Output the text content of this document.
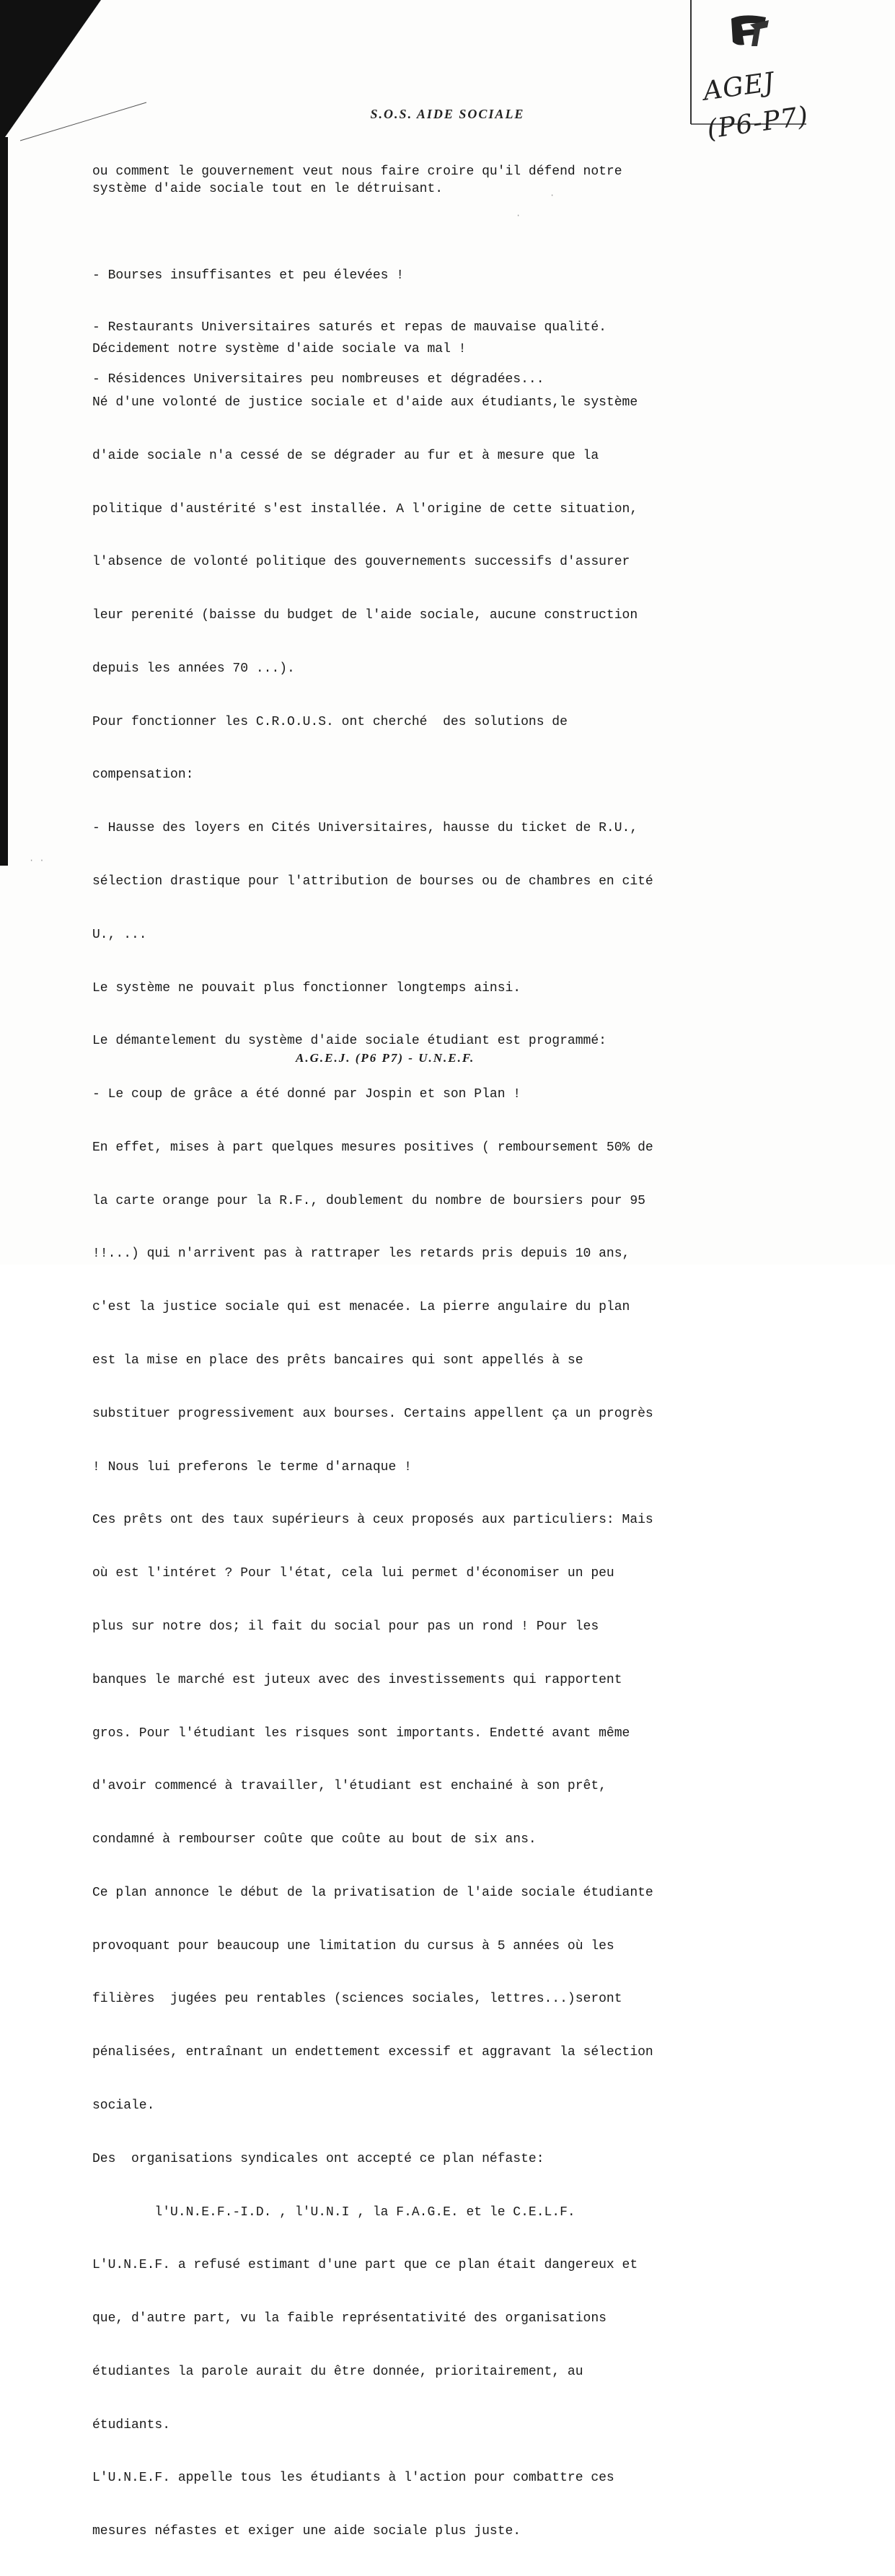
AGEJ
(P6-P7)
S.O.S. AIDE SOCIALE
ou comment le gouvernement veut nous faire croire qu'il défend notre
système d'aide sociale tout en le détruisant.

- Bourses insuffisantes et peu élevées !

- Restaurants Universitaires saturés et repas de mauvaise qualité.

- Résidences Universitaires peu nombreuses et dégradées...

Décidement notre système d'aide sociale va mal !

Né d'une volonté de justice sociale et d'aide aux étudiants,le système

d'aide sociale n'a cessé de se dégrader au fur et à mesure que la

politique d'austérité s'est installée. A l'origine de cette situation,

l'absence de volonté politique des gouvernements successifs d'assurer

leur perenité (baisse du budget de l'aide sociale, aucune construction

depuis les années 70 ...).

Pour fonctionner les C.R.O.U.S. ont cherché  des solutions de

compensation:

- Hausse des loyers en Cités Universitaires, hausse du ticket de R.U.,

sélection drastique pour l'attribution de bourses ou de chambres en cité

U., ...

Le système ne pouvait plus fonctionner longtemps ainsi.

Le démantelement du système d'aide sociale étudiant est programmé:

- Le coup de grâce a été donné par Jospin et son Plan !

En effet, mises à part quelques mesures positives ( remboursement 50% de

la carte orange pour la R.F., doublement du nombre de boursiers pour 95

!!...) qui n'arrivent pas à rattraper les retards pris depuis 10 ans,

c'est la justice sociale qui est menacée. La pierre angulaire du plan

est la mise en place des prêts bancaires qui sont appellés à se

substituer progressivement aux bourses. Certains appellent ça un progrès

! Nous lui preferons le terme d'arnaque !

Ces prêts ont des taux supérieurs à ceux proposés aux particuliers: Mais

où est l'intéret ? Pour l'état, cela lui permet d'économiser un peu

plus sur notre dos; il fait du social pour pas un rond ! Pour les

banques le marché est juteux avec des investissements qui rapportent

gros. Pour l'étudiant les risques sont importants. Endetté avant même

d'avoir commencé à travailler, l'étudiant est enchainé à son prêt,

condamné à rembourser coûte que coûte au bout de six ans.

Ce plan annonce le début de la privatisation de l'aide sociale étudiante

provoquant pour beaucoup une limitation du cursus à 5 années où les

filières  jugées peu rentables (sciences sociales, lettres...)seront

pénalisées, entraînant un endettement excessif et aggravant la sélection

sociale.

Des  organisations syndicales ont accepté ce plan néfaste:

l'U.N.E.F.-I.D. , l'U.N.I , la F.A.G.E. et le C.E.L.F.

L'U.N.E.F. a refusé estimant d'une part que ce plan était dangereux et

que, d'autre part, vu la faible représentativité des organisations

étudiantes la parole aurait du être donnée, prioritairement, au

étudiants.

L'U.N.E.F. appelle tous les étudiants à l'action pour combattre ces

mesures néfastes et exiger une aide sociale plus juste.

A.G.E.J. (P6 P7) - U.N.E.F.
· ·
·
·
